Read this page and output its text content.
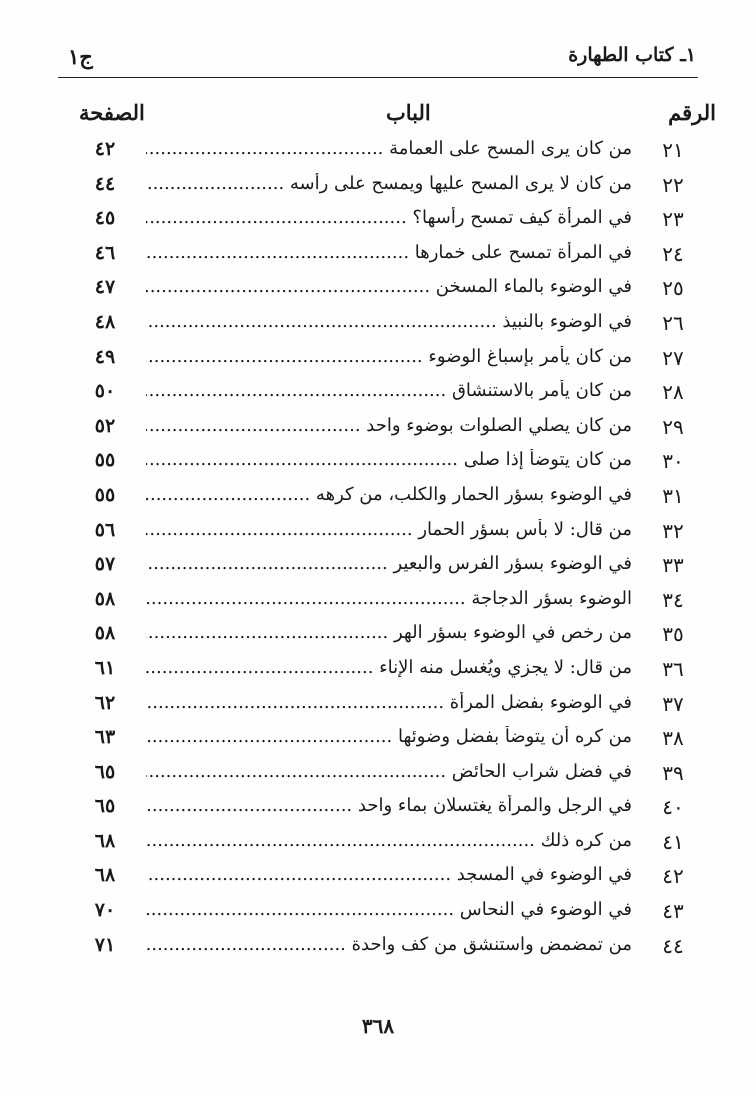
١ـ كتاب الطهارة
ج١
الرقم
الباب
الصفحة
٢١
من كان يرى المسح على العمامة .....
٤٢
٢٢
من كان لا يرى المسح عليها ويمسح على رأسه .....
٤٤
٢٣
في المرأة كيف تمسح رأسها؟ .....
٤٥
٢٤
في المرأة تمسح على خمارها .....
٤٦
٢٥
في الوضوء بالماء المسخن .....
٤٧
٢٦
في الوضوء بالنبيذ .....
٤٨
٢٧
من كان يأمر بإسباغ الوضوء .....
٤٩
٢٨
من كان يأمر بالاستنشاق .....
٥٠
٢٩
من كان يصلي الصلوات بوضوء واحد .....
٥٢
٣٠
من كان يتوضأ إذا صلى .....
٥٥
٣١
في الوضوء بسؤر الحمار والكلب، من كرهه .....
٥٥
٣٢
من قال: لا بأس بسؤر الحمار .....
٥٦
٣٣
في الوضوء بسؤر الفرس والبعير .....
٥٧
٣٤
الوضوء بسؤر الدجاجة .....
٥٨
٣٥
من رخص في الوضوء بسؤر الهر .....
٥٨
٣٦
من قال: لا يجزي ويُغسل منه الإناء .....
٦١
٣٧
في الوضوء بفضل المرأة .....
٦٢
٣٨
من كره أن يتوضأ بفضل وضوئها .....
٦٣
٣٩
في فضل شراب الحائض .....
٦٥
٤٠
في الرجل والمرأة يغتسلان بماء واحد .....
٦٥
٤١
من كره ذلك .....
٦٨
٤٢
في الوضوء في المسجد .....
٦٨
٤٣
في الوضوء في النحاس .....
٧٠
٤٤
من تمضمض واستنشق من كف واحدة .....
٧١
٣٦٨
